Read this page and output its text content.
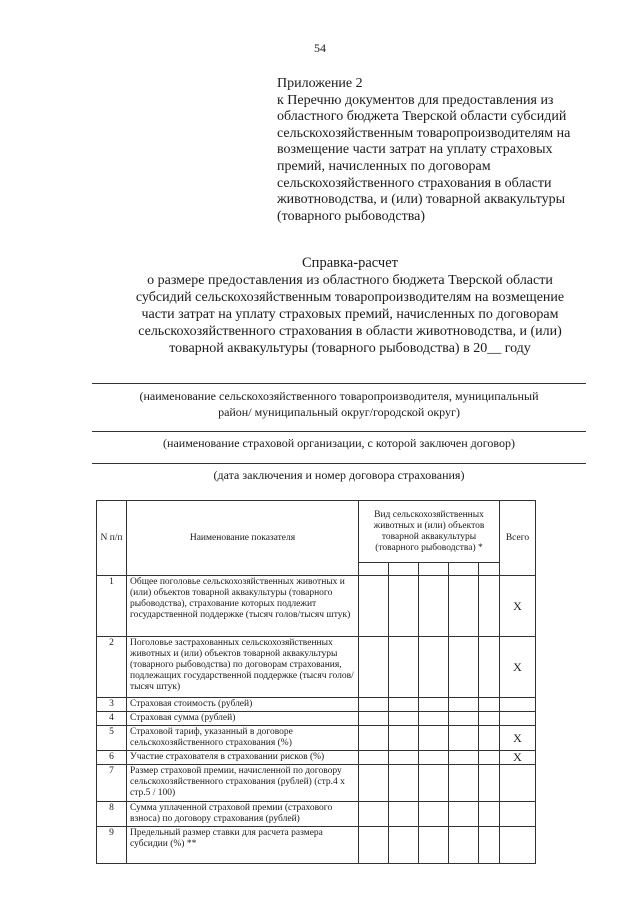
54
Приложение 2
к Перечню документов для предоставления из
областного бюджета Тверской области субсидий
сельскохозяйственным товаропроизводителям на
возмещение части затрат на уплату страховых
премий, начисленных по договорам
сельскохозяйственного страхования в области
животноводства, и (или) товарной аквакультуры
(товарного рыбоводства)
Справка-расчет
о размере предоставления из областного бюджета Тверской области
субсидий сельскохозяйственным товаропроизводителям на возмещение
части затрат на уплату страховых премий, начисленных по договорам
сельскохозяйственного страхования в области животноводства, и (или)
товарной аквакультуры (товарного рыбоводства) в 20__ году
(наименование сельскохозяйственного товаропроизводителя, муниципальный
район/ муниципальный округ/городской округ)
(наименование страховой организации, с которой заключен договор)
(дата заключения и номер договора страхования)
N п/п	Наименование показателя	Вид сельскохозяйственных животных и (или) объектов товарной аквакультуры (товарного рыбоводства) *					Всего

1	Общее поголовье сельскохозяйственных животных и (или) объектов товарной аквакультуры (товарного рыбоводства), страхование которых подлежит государственной поддержке (тысяч голов/тысяч штук)						Х
2	Поголовье застрахованных сельскохозяйственных животных и (или) объектов товарной аквакультуры (товарного рыбоводства) по договорам страхования, подлежащих государственной поддержке (тысяч голов/тысяч штук)						Х
3	Страховая стоимость (рублей)						
4	Страховая сумма (рублей)						
5	Страховой тариф, указанный в договоре сельскохозяйственного страхования (%)						Х
6	Участие страхователя в страховании рисков (%)						Х
7	Размер страховой премии, начисленной по договору сельскохозяйственного страхования (рублей) (стр.4 х стр.5 / 100)						
8	Сумма уплаченной страховой премии (страхового взноса) по договору страхования (рублей)						
9	Предельный размер ставки для расчета размера субсидии (%) **						
